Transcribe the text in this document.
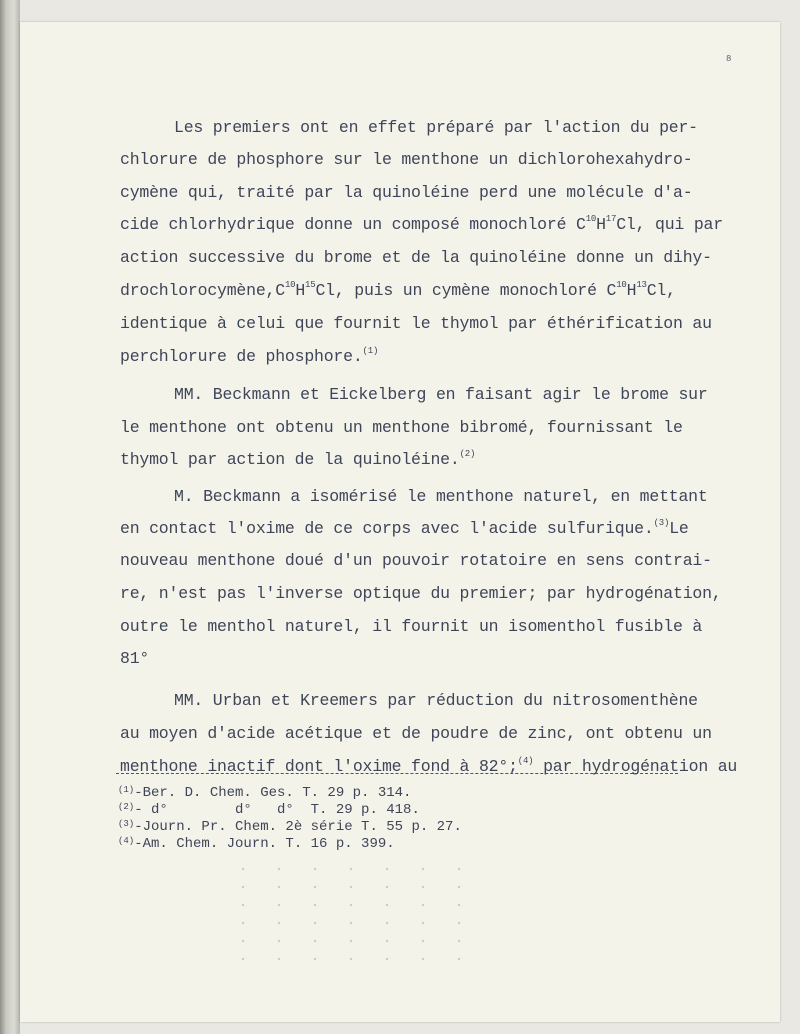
8
Les premiers ont en effet préparé par l'action du per-
chlorure de phosphore sur le menthone un dichlorohexahydro-
cymène qui, traité par la quinoléine perd une molécule d'a-
cide chlorhydrique donne un composé monochloré $C^{10}H^{17}Cl$, qui par
action successive du brome et de la quinoléine donne un dihy-
$drochlorocymène,C^{10}H^{15}Cl$, puis un cymène monochloré $C^{10}H^{13}Cl$,
identique à celui que fournit le thymol par éthérification au
perchlorure de phosphore.$^{(1)}$
MM. Beckmann et Eickelberg en faisant agir le brome sur
le menthone ont obtenu un menthone bibromé, fournissant le
thymol par action de la quinoléine.$^{(2)}$
M. Beckmann a isomérisé le menthone naturel, en mettant
en contact l'oxime de ce corps avec l'acide sulfurique.$^{(3)}$Le
nouveau menthone doué d'un pouvoir rotatoire en sens contrai-
re, n'est pas l'inverse optique du premier; par hydrogénation,
outre le menthol naturel, il fournit un isomenthol fusible à
81°
MM. Urban et Kreemers par réduction du nitrosomenthène
au moyen d'acide acétique et de poudre de zinc, ont obtenu un
menthone inactif dont l'oxime fond à 82°;$^{(4)}$ par hydrogénation au
$^{(1)}$-Ber. D. Chem. Ges. T. 29 p. 314.
$^{(2)}$- d°        d°   d°  T. 29 p. 418.
$^{(3)}$-Journ. Pr. Chem. 2è série T. 55 p. 27.
$^{(4)}$-Am. Chem. Journ. T. 16 p. 399.
